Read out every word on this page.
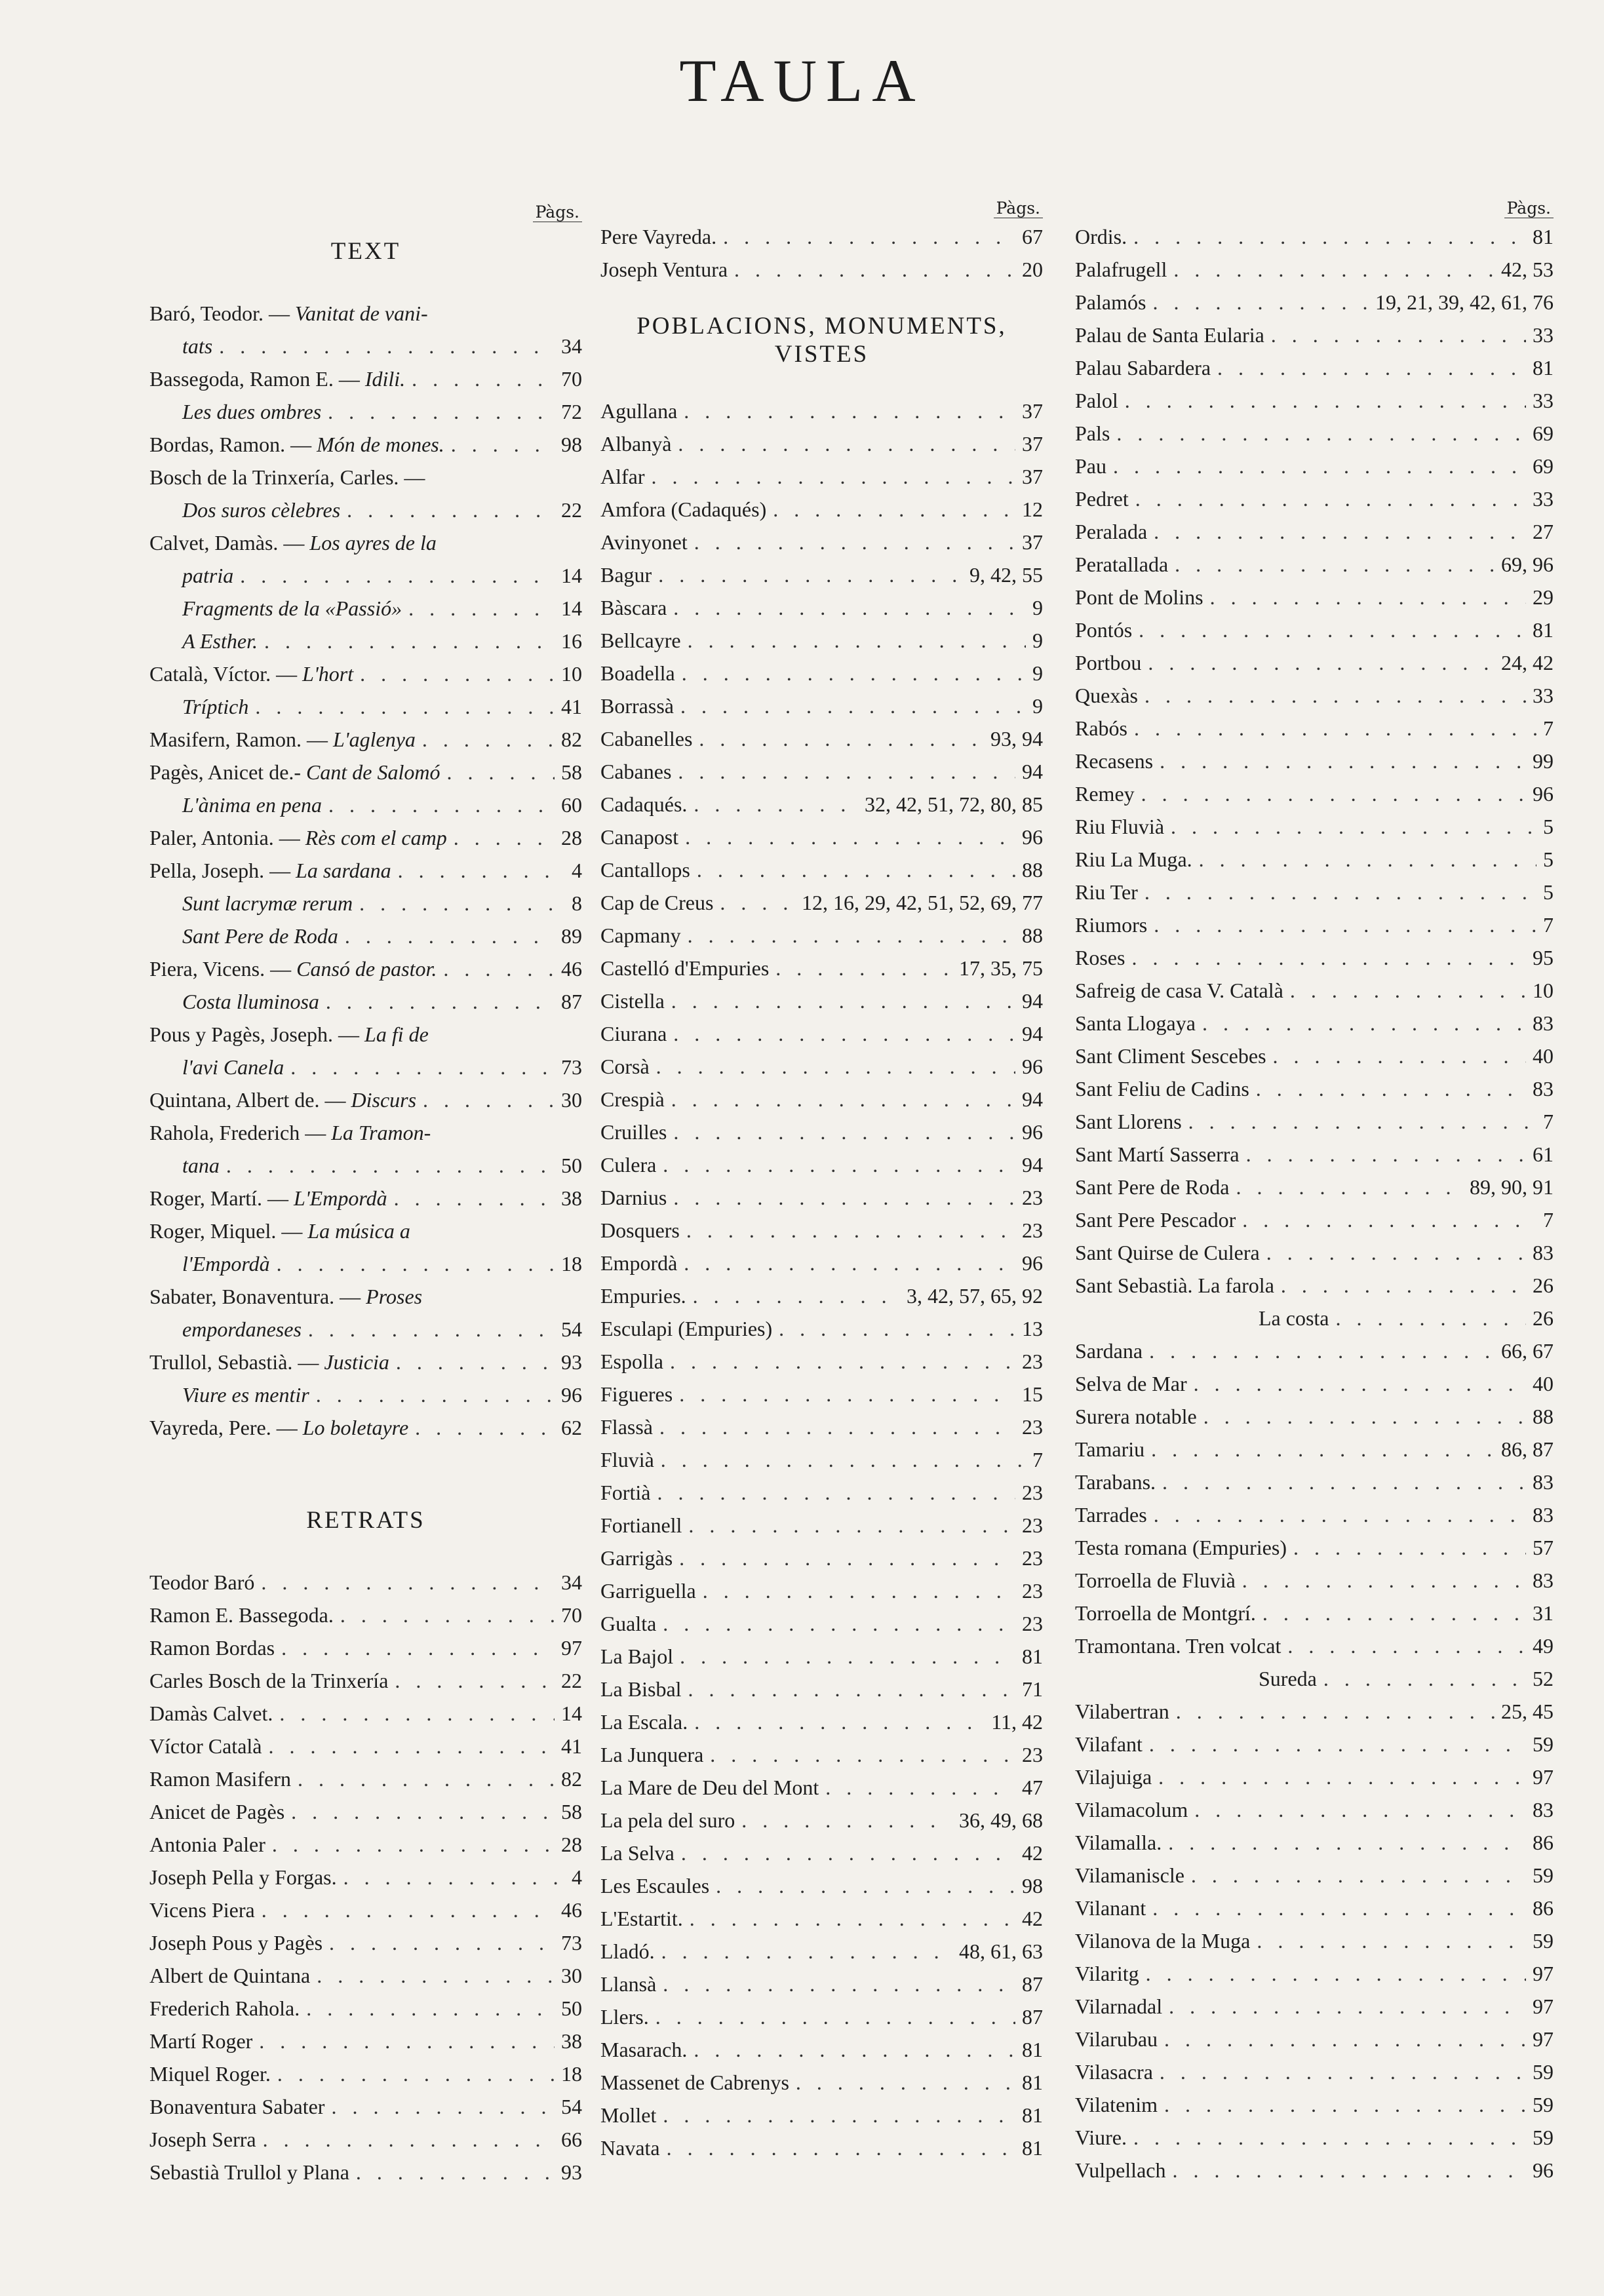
TAULA
Pàgs.
TEXT
Baró, Teodor. — Vanitat de vani-
tats . . .	34
Bassegoda, Ramon E. — Idili. . . .	70
Les dues ombres . . .	72
Bordas, Ramon. — Món de mones. . . .	98
Bosch de la Trinxería, Carles. —
Dos suros cèlebres . . .	22
Calvet, Damàs. — Los ayres de la
patria . . .	14
Fragments de la «Passió» . . .	14
A Esther. . . .	16
Català, Víctor. — L'hort . . .	10
Tríptich . . .	41
Masifern, Ramon. — L'aglenya . . .	82
Pagès, Anicet de.- Cant de Salomó . . .	58
L'ànima en pena . . .	60
Paler, Antonia. — Rès com el camp . . .	28
Pella, Joseph. — La sardana . . .	4
Sunt lacrymæ rerum . . .	8
Sant Pere de Roda . . .	89
Piera, Vicens. — Cansó de pastor. . . .	46
Costa lluminosa . . .	87
Pous y Pagès, Joseph. — La fi de
l'avi Canela . . .	73
Quintana, Albert de. — Discurs . . .	30
Rahola, Frederich — La Tramon-
tana . . .	50
Roger, Martí. — L'Empordà . . .	38
Roger, Miquel. — La música a
l'Empordà . . .	18
Sabater, Bonaventura. — Proses
empordaneses . . .	54
Trullol, Sebastià. — Justicia . . .	93
Viure es mentir . . .	96
Vayreda, Pere. — Lo boletayre . . .	62
RETRATS
Teodor Baró . . .	34
Ramon E. Bassegoda. . . .	70
Ramon Bordas . . .	97
Carles Bosch de la Trinxería . . .	22
Damàs Calvet. . . .	14
Víctor Català . . .	41
Ramon Masifern . . .	82
Anicet de Pagès . . .	58
Antonia Paler . . .	28
Joseph Pella y Forgas. . . .	4
Vicens Piera . . .	46
Joseph Pous y Pagès . . .	73
Albert de Quintana . . .	30
Frederich Rahola. . . .	50
Martí Roger . . .	38
Miquel Roger. . . .	18
Bonaventura Sabater . . .	54
Joseph Serra . . .	66
Sebastià Trullol y Plana . . .	93
Pàgs.
Pere Vayreda. . . .	67
Joseph Ventura . . .	20
POBLACIONS, MONUMENTS,
VISTES
Agullana . . .	37
Albanyà . . .	37
Alfar . . .	37
Amfora (Cadaqués) . . .	12
Avinyonet . . .	37
Bagur . . .	9, 42, 55
Bàscara . . .	9
Bellcayre . . .	9
Boadella . . .	9
Borrassà . . .	9
Cabanelles . . .	93, 94
Cabanes . . .	94
Cadaqués. . . .	32, 42, 51, 72, 80, 85
Canapost . . .	96
Cantallops . . .	88
Cap de Creus . . .	12, 16, 29, 42, 51, 52, 69, 77
Capmany . . .	88
Castelló d'Empuries . . .	17, 35, 75
Cistella . . .	94
Ciurana . . .	94
Corsà . . .	96
Crespià . . .	94
Cruilles . . .	96
Culera . . .	94
Darnius . . .	23
Dosquers . . .	23
Empordà . . .	96
Empuries. . . .	3, 42, 57, 65, 92
Esculapi (Empuries) . . .	13
Espolla . . .	23
Figueres . . .	15
Flassà . . .	23
Fluvià . . .	7
Fortià . . .	23
Fortianell . . .	23
Garrigàs . . .	23
Garriguella . . .	23
Gualta . . .	23
La Bajol . . .	81
La Bisbal . . .	71
La Escala. . . .	11, 42
La Junquera . . .	23
La Mare de Deu del Mont . . .	47
La pela del suro . . .	36, 49, 68
La Selva . . .	42
Les Escaules . . .	98
L'Estartit. . . .	42
Lladó. . . .	48, 61, 63
Llansà . . .	87
Llers. . . .	87
Masarach. . . .	81
Massenet de Cabrenys . . .	81
Mollet . . .	81
Navata . . .	81
Pàgs.
Ordis. . . .	81
Palafrugell . . .	42, 53
Palamós . . .	19, 21, 39, 42, 61, 76
Palau de Santa Eularia . . .	33
Palau Sabardera . . .	81
Palol . . .	33
Pals . . .	69
Pau . . .	69
Pedret . . .	33
Peralada . . .	27
Peratallada . . .	69, 96
Pont de Molins . . .	29
Pontós . . .	81
Portbou . . .	24, 42
Quexàs . . .	33
Rabós . . .	7
Recasens . . .	99
Remey . . .	96
Riu Fluvià . . .	5
Riu La Muga. . . .	5
Riu Ter . . .	5
Riumors . . .	7
Roses . . .	95
Safreig de casa V. Català . . .	10
Santa Llogaya . . .	83
Sant Climent Sescebes . . .	40
Sant Feliu de Cadins . . .	83
Sant Llorens . . .	7
Sant Martí Sasserra . . .	61
Sant Pere de Roda . . .	89, 90, 91
Sant Pere Pescador . . .	7
Sant Quirse de Culera . . .	83
Sant Sebastià. La farola . . .	26
La costa . . .	26
Sardana . . .	66, 67
Selva de Mar . . .	40
Surera notable . . .	88
Tamariu . . .	86, 87
Tarabans. . . .	83
Tarrades . . .	83
Testa romana (Empuries) . . .	57
Torroella de Fluvià . . .	83
Torroella de Montgrí. . . .	31
Tramontana. Tren volcat . . .	49
Sureda . . .	52
Vilabertran . . .	25, 45
Vilafant . . .	59
Vilajuiga . . .	97
Vilamacolum . . .	83
Vilamalla. . . .	86
Vilamaniscle . . .	59
Vilanant . . .	86
Vilanova de la Muga . . .	59
Vilaritg . . .	97
Vilarnadal . . .	97
Vilarubau . . .	97
Vilasacra . . .	59
Vilatenim . . .	59
Viure. . . .	59
Vulpellach . . .	96
